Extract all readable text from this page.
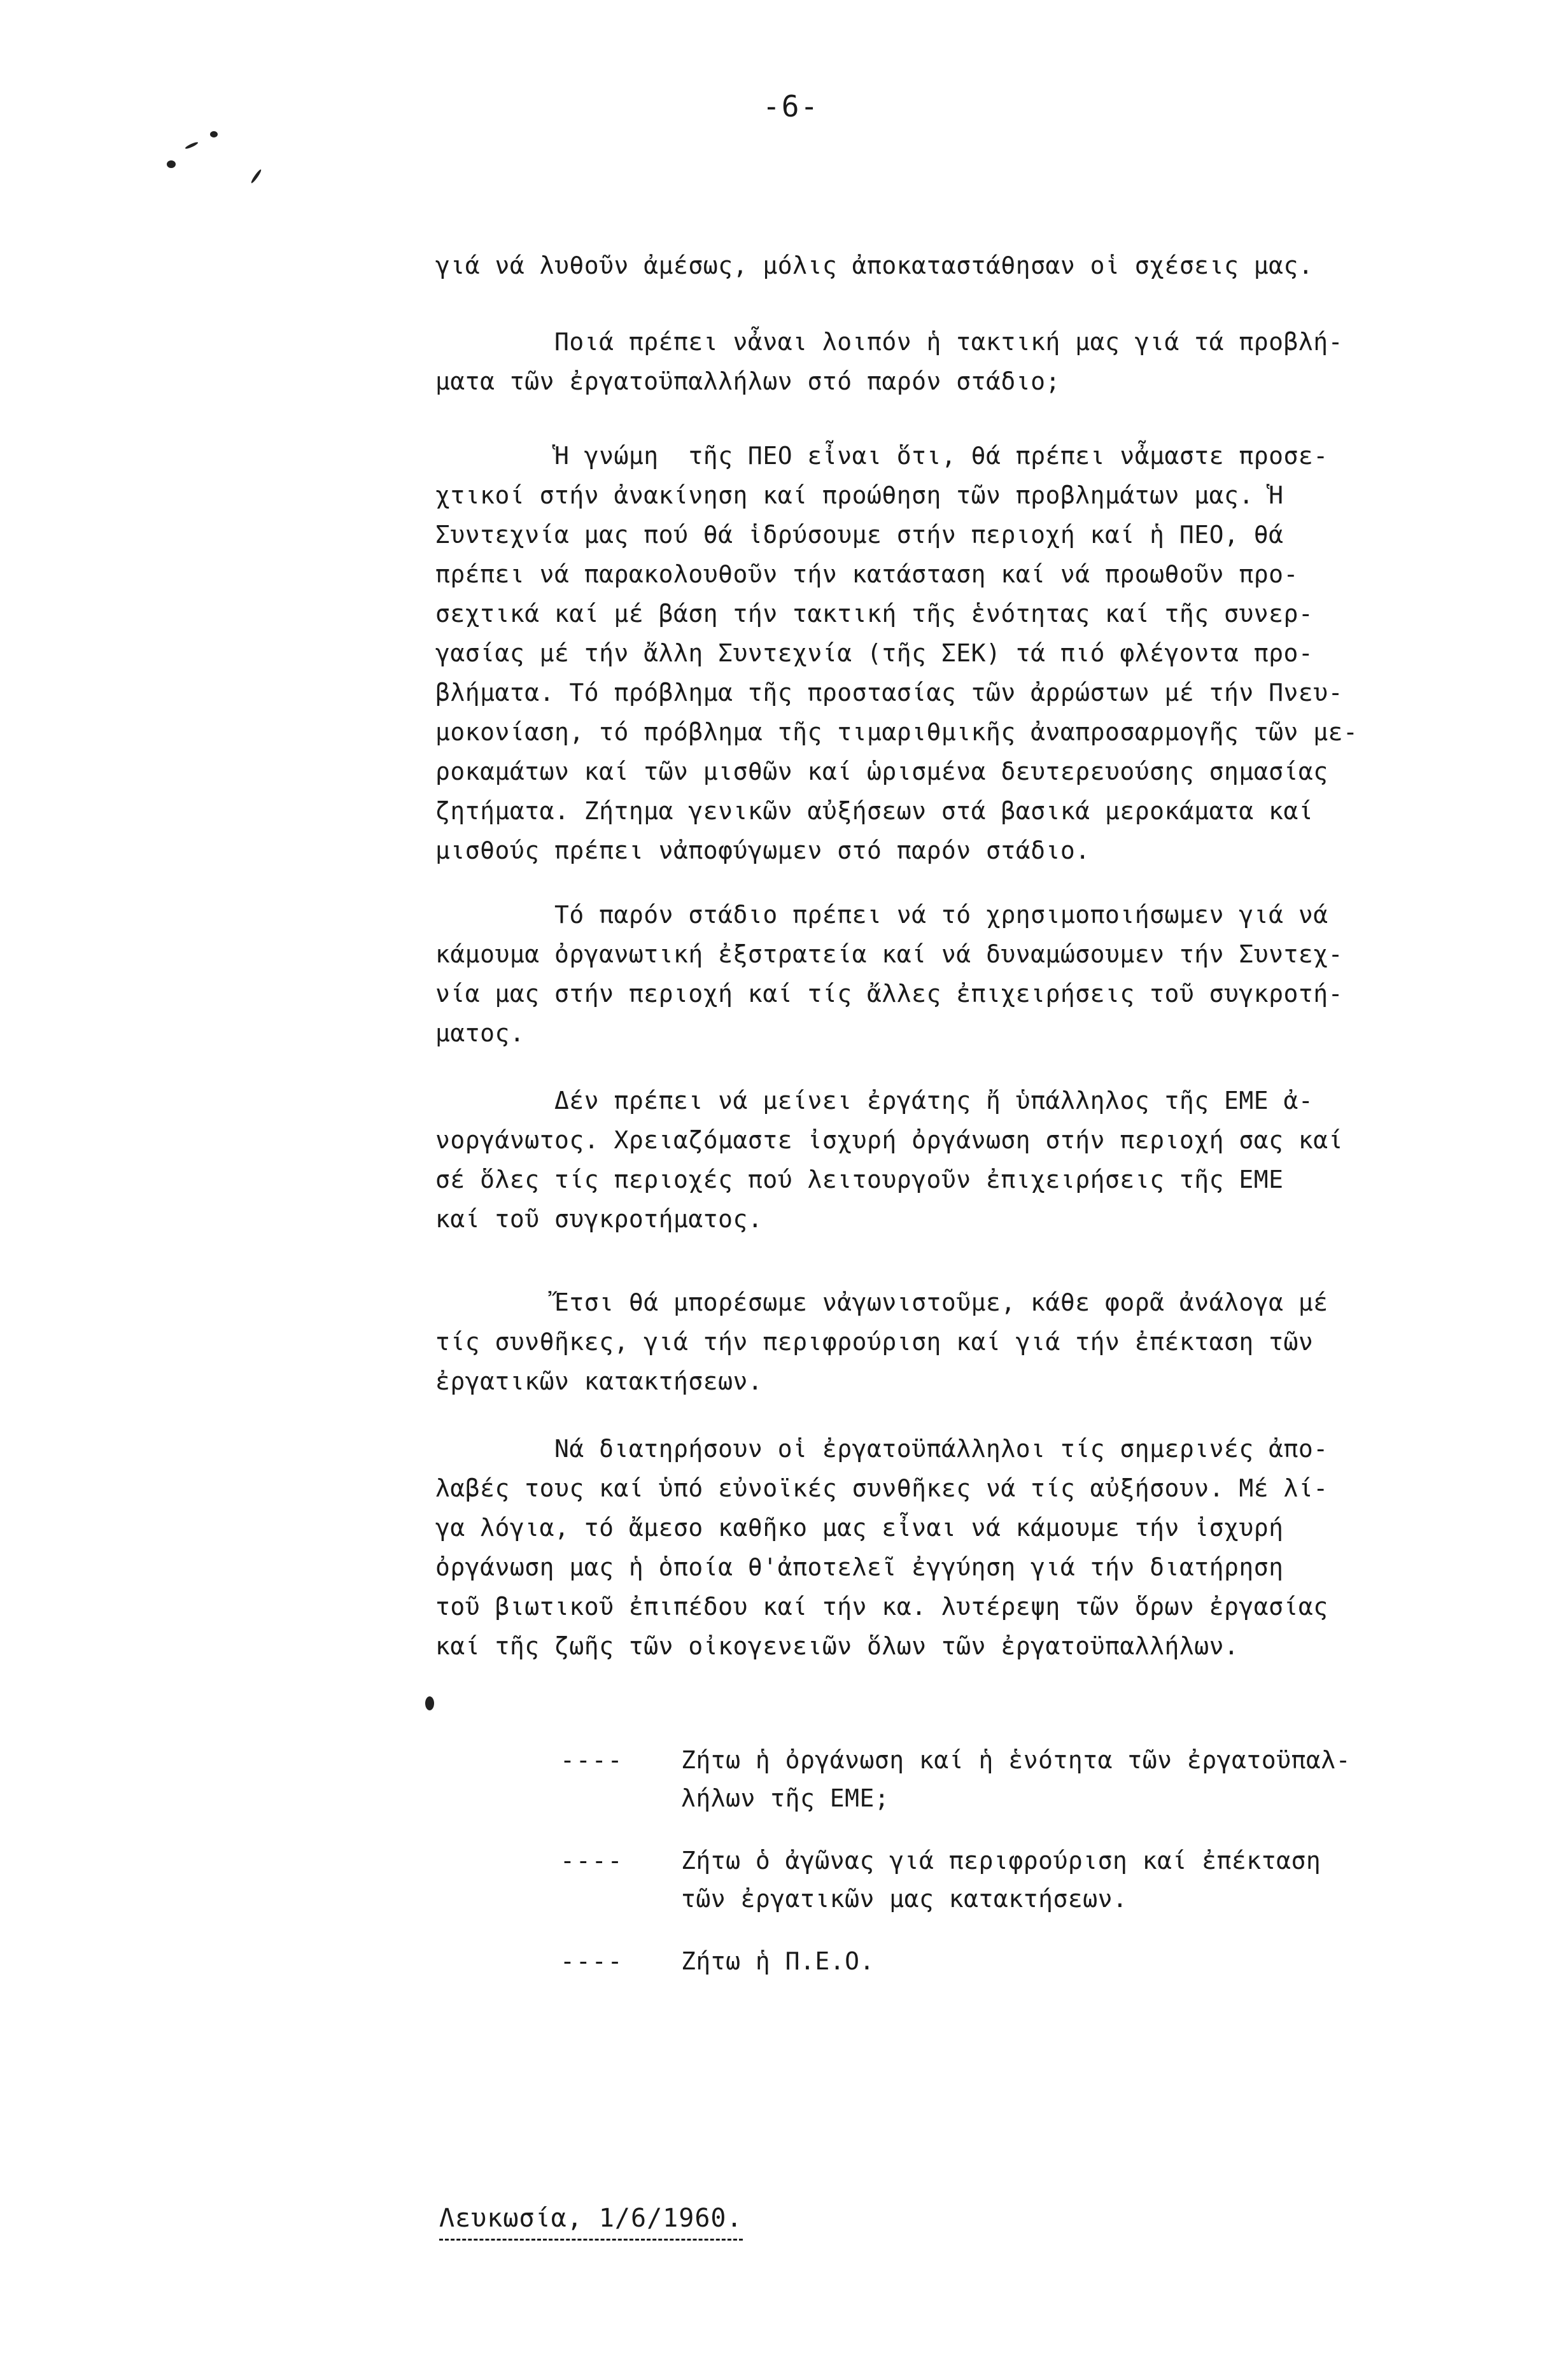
-6-

γιά νά λυθοῦν ἀμέσως, μόλις ἀποκαταστάθησαν οἱ σχέσεις μας.

Ποιά πρέπει νἆναι λοιπόν ἡ τακτική μας γιά τά προβλή-
ματα τῶν ἐργατοϋπαλλήλων στό παρόν στάδιο;

Ἡ γνώμη  τῆς ΠΕΟ εἶναι ὅτι, θά πρέπει νἆμαστε προσε-
χτικοί στήν ἀνακίνηση καί προώθηση τῶν προβλημάτων μας. Ἡ
Συντεχνία μας πού θά ἱδρύσουμε στήν περιοχή καί ἡ ΠΕΟ, θά
πρέπει νά παρακολουθοῦν τήν κατάσταση καί νά προωθοῦν προ-
σεχτικά καί μέ βάση τήν τακτική τῆς ἑνότητας καί τῆς συνερ-
γασίας μέ τήν ἄλλη Συντεχνία (τῆς ΣΕΚ) τά πιό φλέγοντα προ-
βλήματα. Τό πρόβλημα τῆς προστασίας τῶν ἀρρώστων μέ τήν Πνευ-
μοκονίαση, τό πρόβλημα τῆς τιμαριθμικῆς ἀναπροσαρμογῆς τῶν με-
ροκαμάτων καί τῶν μισθῶν καί ὡρισμένα δευτερευούσης σημασίας
ζητήματα. Ζήτημα γενικῶν αὐξήσεων στά βασικά μεροκάματα καί
μισθούς πρέπει νἀποφύγωμεν στό παρόν στάδιο.

Τό παρόν στάδιο πρέπει νά τό χρησιμοποιήσωμεν γιά νά
κάμουμα ὀργανωτική ἐξστρατεία καί νά δυναμώσουμεν τήν Συντεχ-
νία μας στήν περιοχή καί τίς ἄλλες ἐπιχειρήσεις τοῦ συγκροτή-
ματος.

Δέν πρέπει νά μείνει ἐργάτης ἤ ὑπάλληλος τῆς ΕΜΕ ἀ-
νοργάνωτος. Χρειαζόμαστε ἰσχυρή ὀργάνωση στήν περιοχή σας καί
σέ ὅλες τίς περιοχές πού λειτουργοῦν ἐπιχειρήσεις τῆς ΕΜΕ
καί τοῦ συγκροτήματος.

Ἔτσι θά μπορέσωμε νἀγωνιστοῦμε, κάθε φορᾶ ἀνάλογα μέ
τίς συνθῆκες, γιά τήν περιφρούριση καί γιά τήν ἐπέκταση τῶν
ἐργατικῶν κατακτήσεων.

Νά διατηρήσουν οἱ ἐργατοϋπάλληλοι τίς σημερινές ἀπο-
λαβές τους καί ὑπό εὐνοϊκές συνθῆκες νά τίς αὐξήσουν. Μέ λί-
γα λόγια, τό ἄμεσο καθῆκο μας εἶναι νά κάμουμε τήν ἰσχυρή
ὀργάνωση μας ἡ ὁποία θ'ἀποτελεῖ ἐγγύηση γιά τήν διατήρηση
τοῦ βιωτικοῦ ἐπιπέδου καί τήν κα. λυτέρεψη τῶν ὅρων ἐργασίας
καί τῆς ζωῆς τῶν οἰκογενειῶν ὅλων τῶν ἐργατοϋπαλλήλων.

----	Ζήτω ἡ ὀργάνωση καί ἡ ἑνότητα τῶν ἐργατοϋπαλ-
λήλων τῆς ΕΜΕ;
----	Ζήτω ὁ ἀγῶνας γιά περιφρούριση καί ἐπέκταση
τῶν ἐργατικῶν μας κατακτήσεων.
----	Ζήτω ἡ Π.Ε.Ο.
Λευκωσία, 1/6/1960.
